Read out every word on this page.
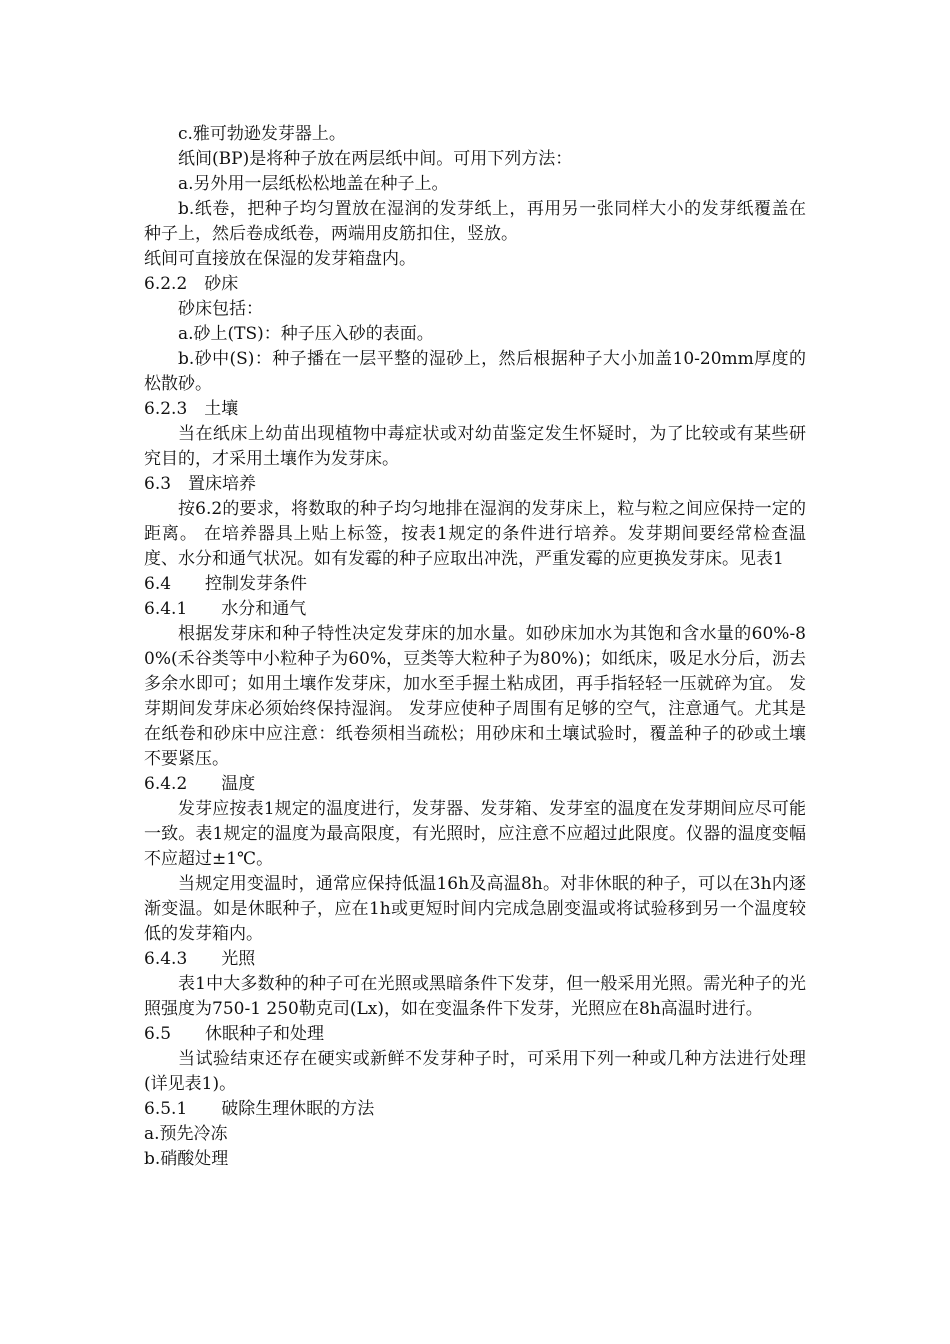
c.雅可勃逊发芽器上。

纸间(BP)是将种子放在两层纸中间。可用下列方法：

a.另外用一层纸松松地盖在种子上。

b.纸卷，把种子均匀置放在湿润的发芽纸上，再用另一张同样大小的发芽纸覆盖在种子上，然后卷成纸卷，两端用皮筋扣住，竖放。

纸间可直接放在保湿的发芽箱盘内。

6.2.2　砂床

砂床包括：

a.砂上(TS)：种子压入砂的表面。

b.砂中(S)：种子播在一层平整的湿砂上，然后根据种子大小加盖10-20mm厚度的松散砂。

6.2.3　土壤

当在纸床上幼苗出现植物中毒症状或对幼苗鉴定发生怀疑时，为了比较或有某些研究目的，才采用土壤作为发芽床。

6.3　置床培养

按6.2的要求，将数取的种子均匀地排在湿润的发芽床上，粒与粒之间应保持一定的距离。 在培养器具上贴上标签，按表1规定的条件进行培养。发芽期间要经常检查温度、水分和通气状况。如有发霉的种子应取出冲洗，严重发霉的应更换发芽床。见表1

6.4　　控制发芽条件

6.4.1　　水分和通气

根据发芽床和种子特性决定发芽床的加水量。如砂床加水为其饱和含水量的60%-80%(禾谷类等中小粒种子为60%，豆类等大粒种子为80%)；如纸床，吸足水分后，沥去多余水即可；如用土壤作发芽床，加水至手握土粘成团，再手指轻轻一压就碎为宜。 发芽期间发芽床必须始终保持湿润。 发芽应使种子周围有足够的空气，注意通气。尤其是在纸卷和砂床中应注意：纸卷须相当疏松；用砂床和土壤试验时，覆盖种子的砂或土壤不要紧压。

6.4.2　　温度

发芽应按表1规定的温度进行，发芽器、发芽箱、发芽室的温度在发芽期间应尽可能一致。表1规定的温度为最高限度，有光照时，应注意不应超过此限度。仪器的温度变幅不应超过±1℃。

当规定用变温时，通常应保持低温16h及高温8h。对非休眠的种子，可以在3h内逐渐变温。如是休眠种子，应在1h或更短时间内完成急剧变温或将试验移到另一个温度较低的发芽箱内。

6.4.3　　光照

表1中大多数种的种子可在光照或黑暗条件下发芽，但一般采用光照。需光种子的光照强度为750-1 250勒克司(Lx)，如在变温条件下发芽，光照应在8h高温时进行。

6.5　　休眠种子和处理

当试验结束还存在硬实或新鲜不发芽种子时，可采用下列一种或几种方法进行处理(详见表1)。

6.5.1　　破除生理休眠的方法

a.预先冷冻

b.硝酸处理
